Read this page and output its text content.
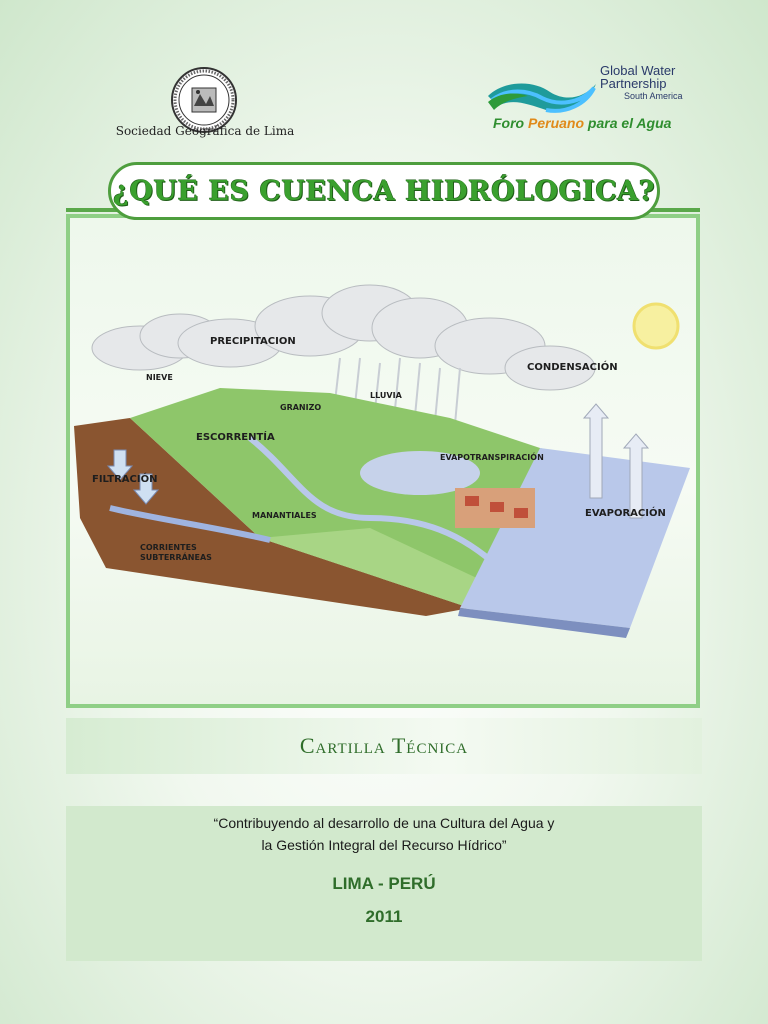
Sociedad Geográfica de Lima
Global Water
Partnership
South America
Foro Peruano para el Agua
¿QUÉ ES CUENCA HIDRÓLOGICA?
PRECIPITACION
NIEVE
CONDENSACIÓN
LLUVIA
GRANIZO
ESCORRENTÍA
EVAPOTRANSPIRACIÓN
FILTRACIÓN
EVAPORACIÓN
MANANTIALES
CORRIENTES
SUBTERRÁNEAS
Cartilla Técnica
“Contribuyendo al desarrollo de una Cultura del Agua y
la Gestión Integral del Recurso Hídrico”
LIMA - PERÚ
2011
